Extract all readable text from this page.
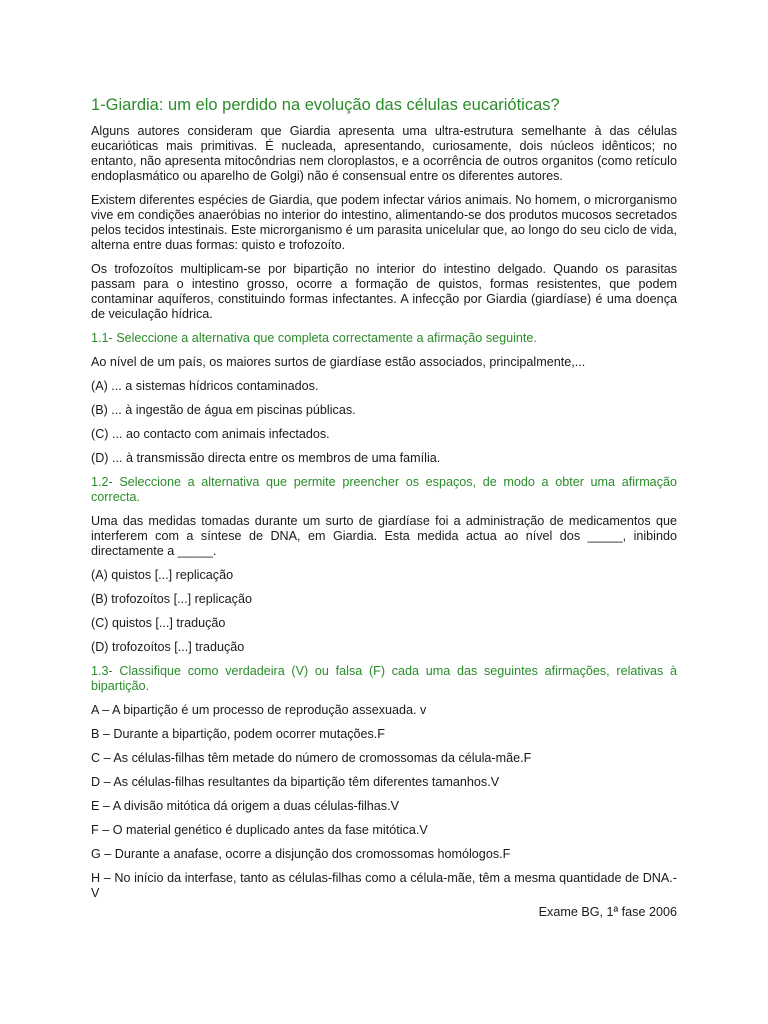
1-Giardia: um elo perdido na evolução das células eucarióticas?

Alguns autores consideram que Giardia apresenta uma ultra-estrutura semelhante à das células eucarióticas mais primitivas. É nucleada, apresentando, curiosamente, dois núcleos idênticos; no entanto, não apresenta mitocôndrias nem cloroplastos, e a ocorrência de outros organitos (como retículo endoplasmático ou aparelho de Golgi) não é consensual entre os diferentes autores.

Existem diferentes espécies de Giardia, que podem infectar vários animais. No homem, o microrganismo vive em condições anaeróbias no interior do intestino, alimentando-se dos produtos mucosos secretados pelos tecidos intestinais. Este microrganismo é um parasita unicelular que, ao longo do seu ciclo de vida, alterna entre duas formas: quisto e trofozoíto.

Os trofozoítos multiplicam-se por bipartição no interior do intestino delgado. Quando os parasitas passam para o intestino grosso, ocorre a formação de quistos, formas resistentes, que podem contaminar aquíferos, constituindo formas infectantes. A infecção por Giardia (giardíase) é uma doença de veiculação hídrica.

1.1- Seleccione a alternativa que completa correctamente a afirmação seguinte.

Ao nível de um país, os maiores surtos de giardíase estão associados, principalmente,...

(A) ... a sistemas hídricos contaminados.

(B) ... à ingestão de água em piscinas públicas.

(C) ... ao contacto com animais infectados.

(D) ... à transmissão directa entre os membros de uma família.

1.2- Seleccione a alternativa que permite preencher os espaços, de modo a obter uma afirmação correcta.

Uma das medidas tomadas durante um surto de giardíase foi a administração de medicamentos que interferem com a síntese de DNA, em Giardia. Esta medida actua ao nível dos _____, inibindo directamente a _____.

(A) quistos [...] replicação

(B) trofozoítos [...] replicação

(C) quistos [...] tradução

(D) trofozoítos [...] tradução

1.3- Classifique como verdadeira (V) ou falsa (F) cada uma das seguintes afirmações, relativas à bipartição.

A – A bipartição é um processo de reprodução assexuada. v

B – Durante a bipartição, podem ocorrer mutações.F

C – As células-filhas têm metade do número de cromossomas da célula-mãe.F

D – As células-filhas resultantes da bipartição têm diferentes tamanhos.V

E – A divisão mitótica dá origem a duas células-filhas.V

F – O material genético é duplicado antes da fase mitótica.V

G – Durante a anafase, ocorre a disjunção dos cromossomas homólogos.F

H – No início da interfase, tanto as células-filhas como a célula-mãe, têm a mesma quantidade de DNA.-V

Exame BG, 1ª fase 2006
